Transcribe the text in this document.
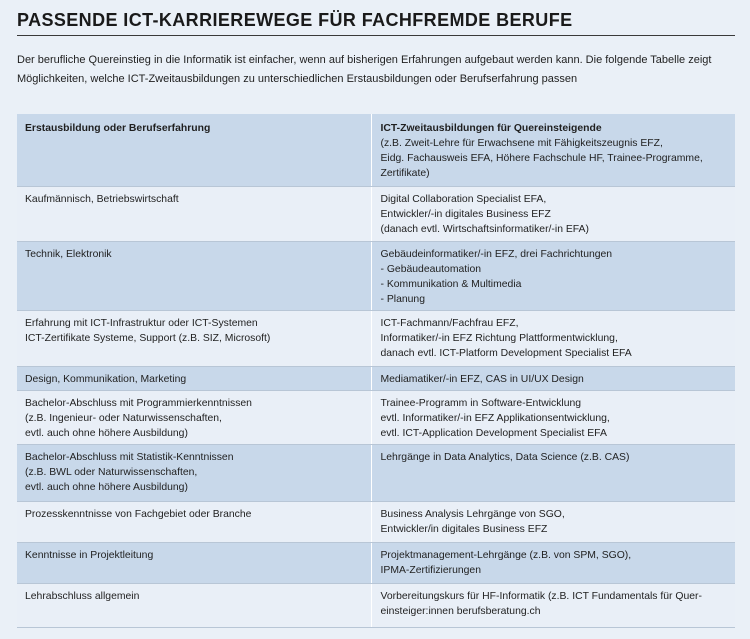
PASSENDE ICT-KARRIEREWEGE FÜR FACHFREMDE BERUFE
Der berufliche Quereinstieg in die Informatik ist einfacher, wenn auf bisherigen Erfahrungen aufgebaut werden kann. Die folgende Tabelle zeigt Möglichkeiten, welche ICT-Zweitausbildungen zu unterschiedlichen Erstausbildungen oder Berufserfahrung passen
Erstausbildung oder Berufserfahrung	ICT-Zweitausbildungen für Quereinsteigende
(z.B. Zweit-Lehre für Erwachsene mit Fähigkeitszeugnis EFZ,
Eidg. Fachausweis EFA, Höhere Fachschule HF, Trainee-Programme,
Zertifikate)

Kaufmännisch, Betriebswirtschaft	Digital Collaboration Specialist EFA,
Entwickler/-in digitales Business EFZ
(danach evtl. Wirtschaftsinformatiker/-in EFA)

Technik, Elektronik	Gebäudeinformatiker/-in EFZ, drei Fachrichtungen
- Gebäudeautomation
- Kommunikation & Multimedia
- Planung

Erfahrung mit ICT-Infrastruktur oder ICT-Systemen
ICT-Zertifikate Systeme, Support (z.B. SIZ, Microsoft)	ICT-Fachmann/Fachfrau EFZ,
Informatiker/-in EFZ Richtung Plattformentwicklung,
danach evtl. ICT-Platform Development Specialist EFA

Design, Kommunikation, Marketing	Mediamatiker/-in EFZ, CAS in UI/UX Design

Bachelor-Abschluss mit Programmierkenntnissen
(z.B. Ingenieur- oder Naturwissenschaften,
evtl. auch ohne höhere Ausbildung)	Trainee-Programm in Software-Entwicklung
evtl. Informatiker/-in EFZ Applikationsentwicklung,
evtl. ICT-Application Development Specialist EFA

Bachelor-Abschluss mit Statistik-Kenntnissen
(z.B. BWL oder Naturwissenschaften,
evtl. auch ohne höhere Ausbildung)	Lehrgänge in Data Analytics, Data Science (z.B. CAS)

Prozesskenntnisse von Fachgebiet oder Branche	Business Analysis Lehrgänge von SGO,
Entwickler/in digitales Business EFZ

Kenntnisse in Projektleitung	Projektmanagement-Lehrgänge (z.B. von SPM, SGO),
IPMA-Zertifizierungen

Lehrabschluss allgemein	Vorbereitungskurs für HF-Informatik (z.B. ICT Fundamentals für Quer-
einsteiger:innen berufsberatung.ch
